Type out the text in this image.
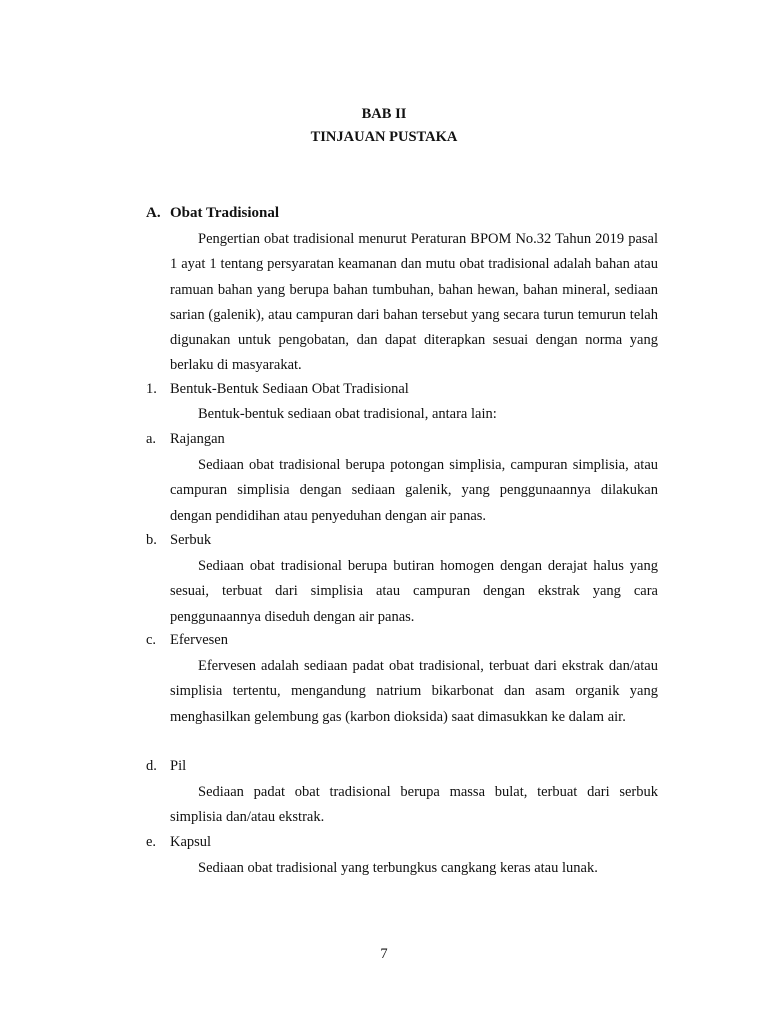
BAB II

TINJAUAN PUSTAKA

A. Obat Tradisional

Pengertian obat tradisional menurut Peraturan BPOM No.32 Tahun 2019 pasal 1 ayat 1 tentang persyaratan keamanan dan mutu obat tradisional adalah bahan atau ramuan bahan yang berupa bahan tumbuhan, bahan hewan, bahan mineral, sediaan sarian (galenik), atau campuran dari bahan tersebut yang secara turun temurun telah digunakan untuk pengobatan, dan dapat diterapkan sesuai dengan norma yang berlaku di masyarakat.

1. Bentuk-Bentuk Sediaan Obat Tradisional

Bentuk-bentuk sediaan obat tradisional, antara lain:

a. Rajangan

Sediaan obat tradisional berupa potongan simplisia, campuran simplisia, atau campuran simplisia dengan sediaan galenik, yang penggunaannya dilakukan dengan pendidihan atau penyeduhan dengan air panas.

b. Serbuk

Sediaan obat tradisional berupa butiran homogen dengan derajat halus yang sesuai, terbuat dari simplisia atau campuran dengan ekstrak yang cara penggunaannya diseduh dengan air panas.

c. Efervesen

Efervesen adalah sediaan padat obat tradisional, terbuat dari ekstrak dan/atau simplisia tertentu, mengandung natrium bikarbonat dan asam organik yang menghasilkan gelembung gas (karbon dioksida) saat dimasukkan ke dalam air.

d. Pil

Sediaan padat obat tradisional berupa massa bulat, terbuat dari serbuk simplisia dan/atau ekstrak.

e. Kapsul

Sediaan obat tradisional yang terbungkus cangkang keras atau lunak.

7
